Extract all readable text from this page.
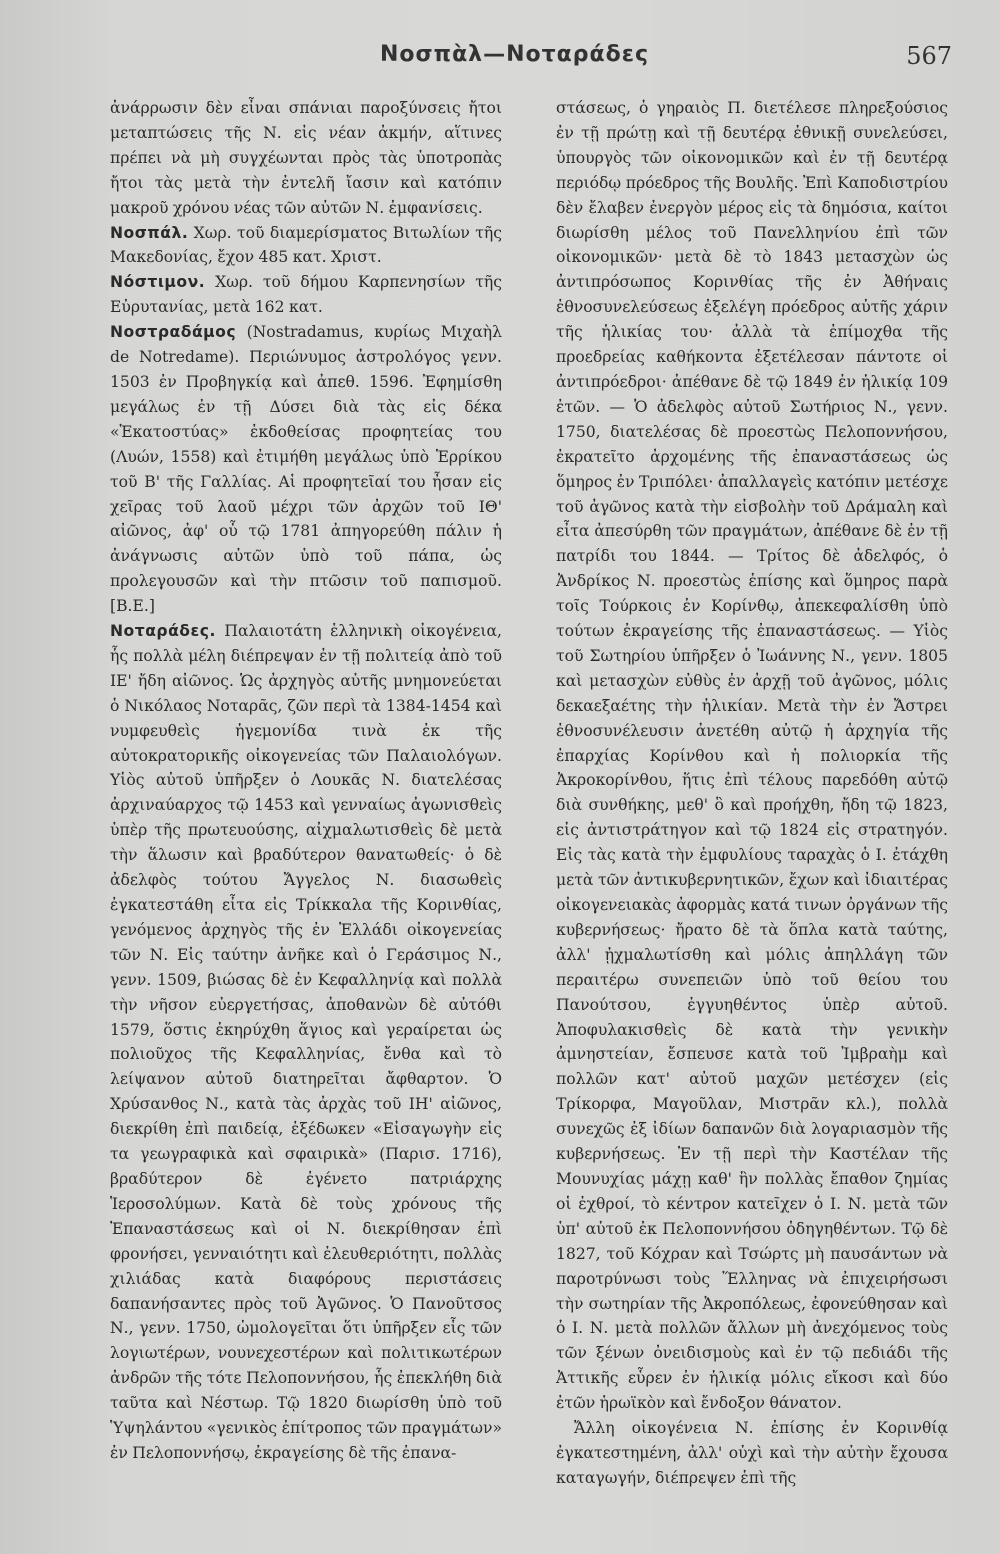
Νοσπὰλ—Νοταράδες	567

ἀνάρρωσιν δὲν εἶναι σπάνιαι παροξύνσεις ἤτοι μεταπτώσεις τῆς Ν. εἰς νέαν ἀκμήν, αἵτινες πρέπει νὰ μὴ συγχέωνται πρὸς τὰς ὑποτροπὰς ἤτοι τὰς μετὰ τὴν ἐντελῆ ἴασιν καὶ κατόπιν μακροῦ χρόνου νέας τῶν αὐτῶν Ν. ἐμφανίσεις.

Νοσπάλ. Χωρ. τοῦ διαμερίσματος Βιτωλίων τῆς Μακεδονίας, ἔχον 485 κατ. Χριστ.

Νόστιμον. Χωρ. τοῦ δήμου Καρπενησίων τῆς Εὐρυτανίας, μετὰ 162 κατ.

Νοστραδάμος (Nostradamus, κυρίως Μιχαὴλ de Notredame). Περιώνυμος ἀστρολόγος γενν. 1503 ἐν Προβηγκίᾳ καὶ ἀπεθ. 1596. Ἐφημίσθη μεγάλως ἐν τῇ Δύσει διὰ τὰς εἰς δέκα «Ἑκατοστύας» ἐκδοθείσας προφητείας του (Λυών, 1558) καὶ ἐτιμήθη μεγάλως ὑπὸ Ἑρρίκου τοῦ Β' τῆς Γαλλίας. Αἱ προφητεῖαί του ἦσαν εἰς χεῖρας τοῦ λαοῦ μέχρι τῶν ἀρχῶν τοῦ ΙΘ' αἰῶνος, ἀφ' οὗ τῷ 1781 ἀπηγορεύθη πάλιν ἡ ἀνάγνωσις αὐτῶν ὑπὸ τοῦ πάπα, ὡς προλεγουσῶν καὶ τὴν πτῶσιν τοῦ παπισμοῦ. [Β.Ε.]

Νοταράδες. Παλαιοτάτη ἑλληνικὴ οἰκογένεια, ἧς πολλὰ μέλη διέπρεψαν ἐν τῇ πολιτείᾳ ἀπὸ τοῦ ΙΕ' ἤδη αἰῶνος. Ὡς ἀρχηγὸς αὐτῆς μνημονεύεται ὁ Νικόλαος Νοταρᾶς, ζῶν περὶ τὰ 1384-1454 καὶ νυμφευθεὶς ἡγεμονίδα τινὰ ἐκ τῆς αὐτοκρατορικῆς οἰκογενείας τῶν Παλαιολόγων. Υἱὸς αὐτοῦ ὑπῆρξεν ὁ Λουκᾶς Ν. διατελέσας ἀρχιναύαρχος τῷ 1453 καὶ γενναίως ἀγωνισθεὶς ὑπὲρ τῆς πρωτευούσης, αἰχμαλωτισθεὶς δὲ μετὰ τὴν ἅλωσιν καὶ βραδύτερον θανατωθείς· ὁ δὲ ἀδελφὸς τούτου Ἄγγελος Ν. διασωθεὶς ἐγκατεστάθη εἶτα εἰς Τρίκκαλα τῆς Κορινθίας, γενόμενος ἀρχηγὸς τῆς ἐν Ἑλλάδι οἰκογενείας τῶν Ν. Εἰς ταύτην ἀνῆκε καὶ ὁ Γεράσιμος Ν., γενν. 1509, βιώσας δὲ ἐν Κεφαλληνίᾳ καὶ πολλὰ τὴν νῆσον εὐεργετήσας, ἀποθανὼν δὲ αὐτόθι 1579, ὅστις ἐκηρύχθη ἅγιος καὶ γεραίρεται ὡς πολιοῦχος τῆς Κεφαλληνίας, ἔνθα καὶ τὸ λείψανον αὐτοῦ διατηρεῖται ἄφθαρτον. Ὁ Χρύσανθος Ν., κατὰ τὰς ἀρχὰς τοῦ ΙΗ' αἰῶνος, διεκρίθη ἐπὶ παιδείᾳ, ἐξέδωκεν «Εἰσαγωγὴν εἰς τα γεωγραφικὰ καὶ σφαιρικὰ» (Παρισ. 1716), βραδύτερον δὲ ἐγένετο πατριάρχης Ἱεροσολύμων. Κατὰ δὲ τοὺς χρόνους τῆς Ἐπαναστάσεως καὶ οἱ Ν. διεκρίθησαν ἐπὶ φρονήσει, γενναιότητι καὶ ἐλευθεριότητι, πολλὰς χιλιάδας κατὰ διαφόρους περιστάσεις δαπανήσαντες πρὸς τοῦ Ἀγῶνος. Ὁ Πανοῦτσος Ν., γενν. 1750, ὡμολογεῖται ὅτι ὑπῆρξεν εἷς τῶν λογιωτέρων, νουνεχεστέρων καὶ πολιτικωτέρων ἀνδρῶν τῆς τότε Πελοποννήσου, ἧς ἐπεκλήθη διὰ ταῦτα καὶ Νέστωρ. Τῷ 1820 διωρίσθη ὑπὸ τοῦ Ὑψηλάντου «γενικὸς ἐπίτροπος τῶν πραγμάτων» ἐν Πελοποννήσῳ, ἐκραγείσης δὲ τῆς ἐπανα-

στάσεως, ὁ γηραιὸς Π. διετέλεσε πληρεξούσιος ἐν τῇ πρώτῃ καὶ τῇ δευτέρᾳ ἐθνικῇ συνελεύσει, ὑπουργὸς τῶν οἰκονομικῶν καὶ ἐν τῇ δευτέρᾳ περιόδῳ πρόεδρος τῆς Βουλῆς. Ἐπὶ Καποδιστρίου δὲν ἔλαβεν ἐνεργὸν μέρος εἰς τὰ δημόσια, καίτοι διωρίσθη μέλος τοῦ Πανελληνίου ἐπὶ τῶν οἰκονομικῶν· μετὰ δὲ τὸ 1843 μετασχὼν ὡς ἀντιπρόσωπος Κορινθίας τῆς ἐν Ἀθήναις ἐθνοσυνελεύσεως ἐξελέγη πρόεδρος αὐτῆς χάριν τῆς ἡλικίας του· ἀλλὰ τὰ ἐπίμοχθα τῆς προεδρείας καθήκοντα ἐξετέλεσαν πάντοτε οἱ ἀντιπρόεδροι· ἀπέθανε δὲ τῷ 1849 ἐν ἡλικίᾳ 109 ἐτῶν. — Ὁ ἀδελφὸς αὐτοῦ Σωτήριος Ν., γενν. 1750, διατελέσας δὲ προεστὼς Πελοποννήσου, ἐκρατεῖτο ἀρχομένης τῆς ἐπαναστάσεως ὡς ὅμηρος ἐν Τριπόλει· ἀπαλλαγεὶς κατόπιν μετέσχε τοῦ ἀγῶνος κατὰ τὴν εἰσβολὴν τοῦ Δράμαλη καὶ εἶτα ἀπεσύρθη τῶν πραγμάτων, ἀπέθανε δὲ ἐν τῇ πατρίδι του 1844. — Τρίτος δὲ ἀδελφός, ὁ Ἀνδρίκος Ν. προεστὼς ἐπίσης καὶ ὅμηρος παρὰ τοῖς Τούρκοις ἐν Κορίνθῳ, ἀπεκεφαλίσθη ὑπὸ τούτων ἐκραγείσης τῆς ἐπαναστάσεως. — Υἱὸς τοῦ Σωτηρίου ὑπῆρξεν ὁ Ἰωάννης Ν., γενν. 1805 καὶ μετασχὼν εὐθὺς ἐν ἀρχῇ τοῦ ἀγῶνος, μόλις δεκαεξαέτης τὴν ἡλικίαν. Μετὰ τὴν ἐν Ἄστρει ἐθνοσυνέλευσιν ἀνετέθη αὐτῷ ἡ ἀρχηγία τῆς ἐπαρχίας Κορίνθου καὶ ἡ πολιορκία τῆς Ἀκροκορίνθου, ἥτις ἐπὶ τέλους παρεδόθη αὐτῷ διὰ συνθήκης, μεθ' ὃ καὶ προήχθη, ἤδη τῷ 1823, εἰς ἀντιστράτηγον καὶ τῷ 1824 εἰς στρατηγόν. Εἰς τὰς κατὰ τὴν ἐμφυλίους ταραχὰς ὁ Ι. ἐτάχθη μετὰ τῶν ἀντικυβερνητικῶν, ἔχων καὶ ἰδιαιτέρας οἰκογενειακὰς ἀφορμὰς κατά τινων ὀργάνων τῆς κυβερνήσεως· ἤρατο δὲ τὰ ὅπλα κατὰ ταύτης, ἀλλ' ᾐχμαλωτίσθη καὶ μόλις ἀπηλλάγη τῶν περαιτέρω συνεπειῶν ὑπὸ τοῦ θείου του Πανούτσου, ἐγγυηθέντος ὑπὲρ αὐτοῦ. Ἀποφυλακισθεὶς δὲ κατὰ τὴν γενικὴν ἀμνηστείαν, ἔσπευσε κατὰ τοῦ Ἰμβραὴμ καὶ πολλῶν κατ' αὐτοῦ μαχῶν μετέσχεν (εἰς Τρίκορφα, Μαγοῦλαν, Μιστρᾶν κλ.), πολλὰ συνεχῶς ἐξ ἰδίων δαπανῶν διὰ λογαριασμὸν τῆς κυβερνήσεως. Ἐν τῇ περὶ τὴν Καστέλαν τῆς Μουνυχίας μάχῃ καθ' ἣν πολλὰς ἔπαθον ζημίας οἱ ἐχθροί, τὸ κέντρον κατεῖχεν ὁ Ι. Ν. μετὰ τῶν ὑπ' αὐτοῦ ἐκ Πελοποννήσου ὁδηγηθέντων. Τῷ δὲ 1827, τοῦ Κόχραν καὶ Τσώρτς μὴ παυσάντων νὰ παροτρύνωσι τοὺς Ἕλληνας νὰ ἐπιχειρήσωσι τὴν σωτηρίαν τῆς Ἀκροπόλεως, ἐφονεύθησαν καὶ ὁ Ι. Ν. μετὰ πολλῶν ἄλλων μὴ ἀνεχόμενος τοὺς τῶν ξένων ὀνειδισμοὺς καὶ ἐν τῷ πεδιάδι τῆς Ἀττικῆς εὗρεν ἐν ἡλικίᾳ μόλις εἴκοσι καὶ δύο ἐτῶν ἡρωϊκὸν καὶ ἔνδοξον θάνατον.

Ἄλλη οἰκογένεια Ν. ἐπίσης ἐν Κορινθίᾳ ἐγκατεστημένη, ἀλλ' οὐχὶ καὶ τὴν αὐτὴν ἔχουσα καταγωγήν, διέπρεψεν ἐπὶ τῆς
